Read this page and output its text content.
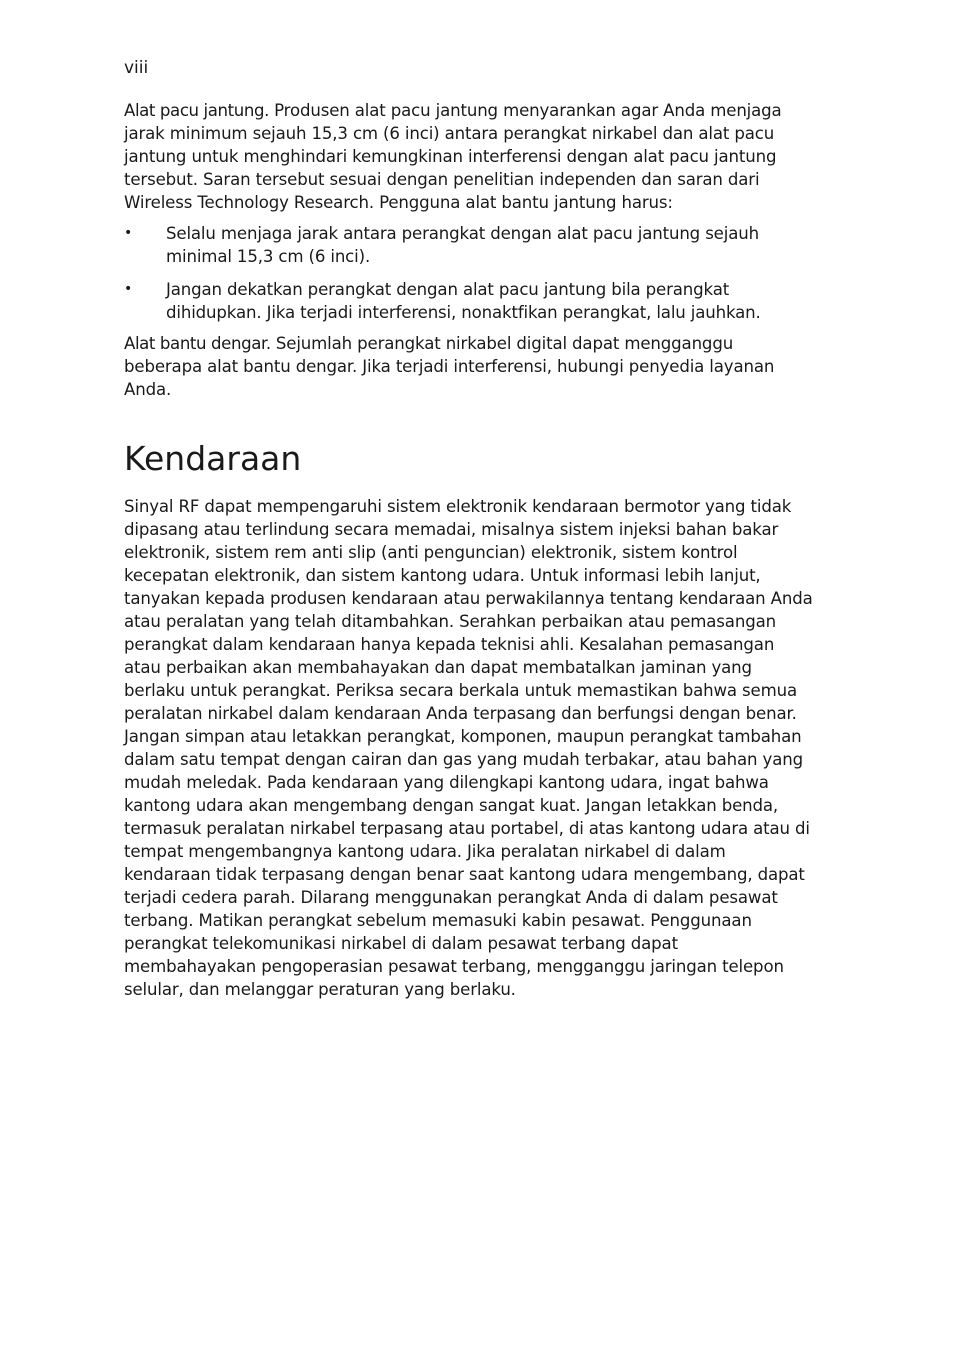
viii

Alat pacu jantung. Produsen alat pacu jantung menyarankan agar Anda menjaga jarak minimum sejauh 15,3 cm (6 inci) antara perangkat nirkabel dan alat pacu jantung untuk menghindari kemungkinan interferensi dengan alat pacu jantung tersebut. Saran tersebut sesuai dengan penelitian independen dan saran dari Wireless Technology Research. Pengguna alat bantu jantung harus:

• Selalu menjaga jarak antara perangkat dengan alat pacu jantung sejauh minimal 15,3 cm (6 inci).
• Jangan dekatkan perangkat dengan alat pacu jantung bila perangkat dihidupkan. Jika terjadi interferensi, nonaktfikan perangkat, lalu jauhkan.

Alat bantu dengar. Sejumlah perangkat nirkabel digital dapat mengganggu beberapa alat bantu dengar. Jika terjadi interferensi, hubungi penyedia layanan Anda.

Kendaraan

Sinyal RF dapat mempengaruhi sistem elektronik kendaraan bermotor yang tidak dipasang atau terlindung secara memadai, misalnya sistem injeksi bahan bakar elektronik, sistem rem anti slip (anti penguncian) elektronik, sistem kontrol kecepatan elektronik, dan sistem kantong udara. Untuk informasi lebih lanjut, tanyakan kepada produsen kendaraan atau perwakilannya tentang kendaraan Anda atau peralatan yang telah ditambahkan. Serahkan perbaikan atau pemasangan perangkat dalam kendaraan hanya kepada teknisi ahli. Kesalahan pemasangan atau perbaikan akan membahayakan dan dapat membatalkan jaminan yang berlaku untuk perangkat. Periksa secara berkala untuk memastikan bahwa semua peralatan nirkabel dalam kendaraan Anda terpasang dan berfungsi dengan benar. Jangan simpan atau letakkan perangkat, komponen, maupun perangkat tambahan dalam satu tempat dengan cairan dan gas yang mudah terbakar, atau bahan yang mudah meledak. Pada kendaraan yang dilengkapi kantong udara, ingat bahwa kantong udara akan mengembang dengan sangat kuat. Jangan letakkan benda, termasuk peralatan nirkabel terpasang atau portabel, di atas kantong udara atau di tempat mengembangnya kantong udara. Jika peralatan nirkabel di dalam kendaraan tidak terpasang dengan benar saat kantong udara mengembang, dapat terjadi cedera parah. Dilarang menggunakan perangkat Anda di dalam pesawat terbang. Matikan perangkat sebelum memasuki kabin pesawat. Penggunaan perangkat telekomunikasi nirkabel di dalam pesawat terbang dapat membahayakan pengoperasian pesawat terbang, mengganggu jaringan telepon selular, dan melanggar peraturan yang berlaku.
